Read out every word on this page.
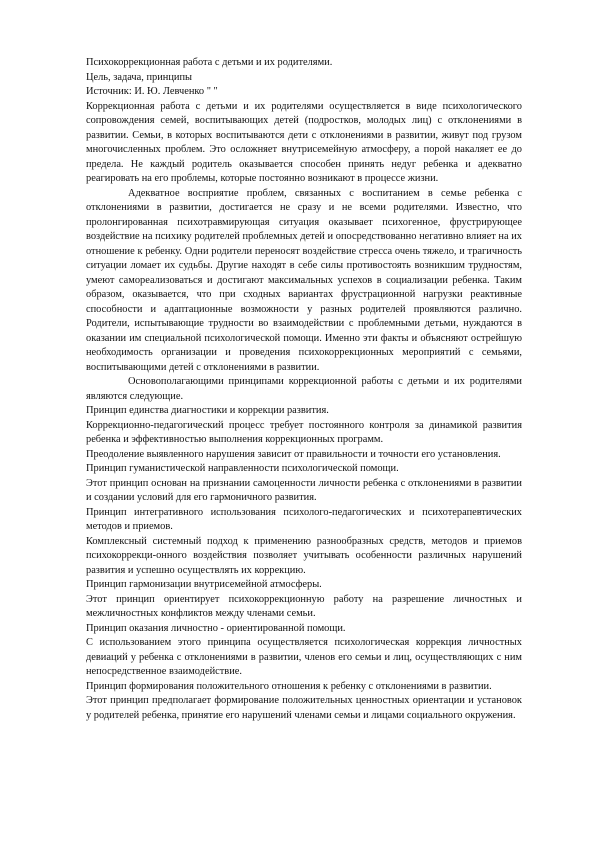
Психокоррекционная работа с детьми и их родителями.

Цель, задача, принципы

Источник: И. Ю. Левченко " "

Коррекционная работа с детьми и их родителями осуществляется в виде психологического сопровождения семей, воспитывающих детей (подростков, молодых лиц) с отклонениями в развитии. Семьи, в которых воспитываются дети с отклонениями в развитии, живут под грузом многочисленных проблем. Это осложняет внутрисемейную атмосферу, а порой накаляет ее до предела. Не каждый родитель оказывается способен принять недуг ребенка и адекватно реагировать на его проблемы, которые постоянно возникают в процессе жизни.

Адекватное восприятие проблем, связанных с воспитанием в семье ребенка с отклонениями в развитии, достигается не сразу и не всеми родителями. Известно, что пролонгированная психотравмирующая ситуация оказывает психогенное, фрустрирующее воздействие на психику родителей проблемных детей и опосредствованно негативно влияет на их отношение к ребенку. Одни родители переносят воздействие стресса очень тяжело, и трагичность ситуации ломает их судьбы. Другие находят в себе силы противостоять возникшим трудностям, умеют самореализоваться и достигают максимальных успехов в социализации ребенка. Таким образом, оказывается, что при сходных вариантах фрустрационной нагрузки реактивные способности и адаптационные возможности у разных родителей проявляются различно. Родители, испытывающие трудности во взаимодействии с проблемными детьми, нуждаются в оказании им специальной психологической помощи. Именно эти факты и объясняют острейшую необходимость организации и проведения психокоррекционных мероприятий с семьями, воспитывающими детей с отклонениями в развитии.

Основополагающими принципами коррекционной работы с детьми и их родителями являются следующие.

Принцип единства диагностики и коррекции развития.

Коррекционно-педагогический процесс требует постоянного контроля за динамикой развития ребенка и эффективностью выполнения коррекционных программ.

Преодоление выявленного нарушения зависит от правильности и точности его установления.

Принцип гуманистической направленности психологической помощи.

Этот принцип основан на признании самоценности личности ребенка с отклонениями в развитии и создании условий для его гармоничного развития.

Принцип интегративного использования психолого-педагогических и психотерапевтических методов и приемов.

Комплексный системный подход к применению разнообразных средств, методов и приемов психокоррекци-онного воздействия позволяет учитывать особенности различных нарушений развития и успешно осуществлять их коррекцию.

Принцип гармонизации внутрисемейной атмосферы.

Этот принцип ориентирует психокоррекционную работу на разрешение личностных и межличностных конфликтов между членами семьи.

Принцип оказания личностно - ориентированной помощи.

С использованием этого принципа осуществляется психологическая коррекция личностных девиаций у ребенка с отклонениями в развитии, членов его семьи и лиц, осуществляющих с ним непосредственное взаимодействие.

Принцип формирования положительного отношения к ребенку с отклонениями в развитии.

Этот принцип предполагает формирование положительных ценностных ориентации и установок у родителей ребенка, принятие его нарушений членами семьи и лицами социального окружения.
